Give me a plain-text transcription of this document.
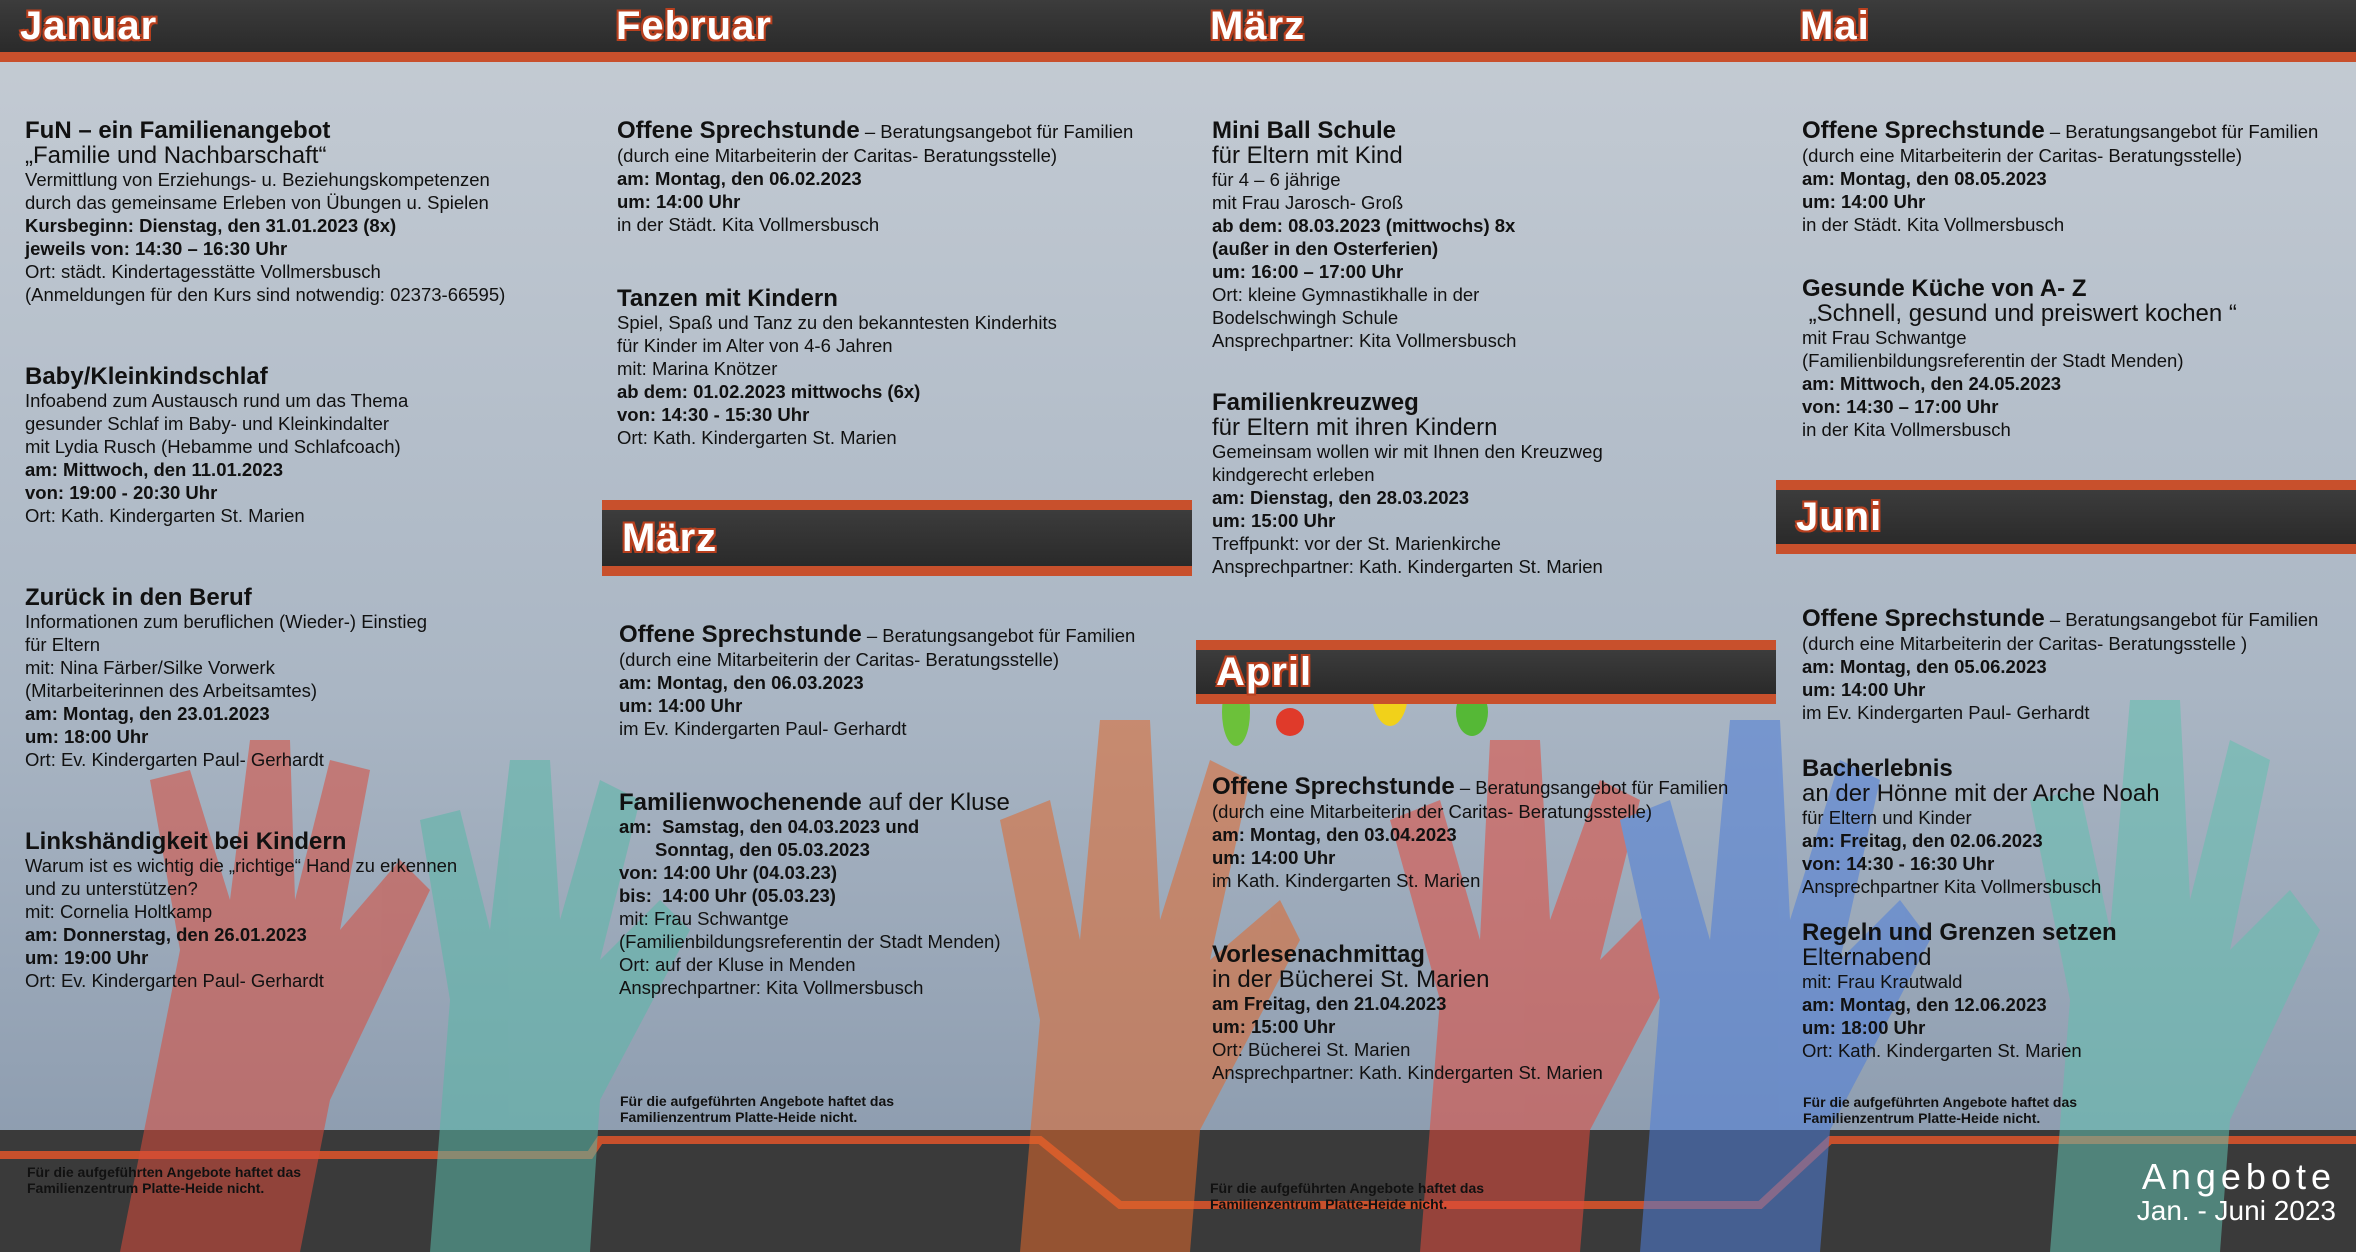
Januar	Februar	März	Mai
März
April
Juni
FuN – ein Familienangebot
„Familie und Nachbarschaft“
Vermittlung von Erziehungs- u. Beziehungskompetenzen
durch das gemeinsame Erleben von Übungen u. Spielen
Kursbeginn: Dienstag, den 31.01.2023 (8x)
jeweils von: 14:30 – 16:30 Uhr
Ort: städt. Kindertagesstätte Vollmersbusch
(Anmeldungen für den Kurs sind notwendig: 02373-66595)
Baby/Kleinkindschlaf
Infoabend zum Austausch rund um das Thema
gesunder Schlaf im Baby- und Kleinkindalter
mit Lydia Rusch (Hebamme und Schlafcoach)
am: Mittwoch, den 11.01.2023
von: 19:00 - 20:30 Uhr
Ort: Kath. Kindergarten St. Marien
Zurück in den Beruf
Informationen zum beruflichen (Wieder-) Einstieg
für Eltern
mit: Nina Färber/Silke Vorwerk
(Mitarbeiterinnen des Arbeitsamtes)
am: Montag, den 23.01.2023
um: 18:00 Uhr
Ort: Ev. Kindergarten Paul- Gerhardt
Linkshändigkeit bei Kindern
Warum ist es wichtig die „richtige“ Hand zu erkennen
und zu unterstützen?
mit: Cornelia Holtkamp
am: Donnerstag, den 26.01.2023
um: 19:00 Uhr
Ort: Ev. Kindergarten Paul- Gerhardt
Für die aufgeführten Angebote haftet das
Familienzentrum Platte-Heide nicht.
Offene Sprechstunde – Beratungsangebot für Familien
(durch eine Mitarbeiterin der Caritas- Beratungsstelle)
am: Montag, den 06.02.2023
um: 14:00 Uhr
in der Städt. Kita Vollmersbusch
Tanzen mit Kindern
Spiel, Spaß und Tanz zu den bekanntesten Kinderhits
für Kinder im Alter von 4-6 Jahren
mit: Marina Knötzer
ab dem: 01.02.2023 mittwochs (6x)
von: 14:30 - 15:30 Uhr
Ort: Kath. Kindergarten St. Marien
Offene Sprechstunde – Beratungsangebot für Familien
(durch eine Mitarbeiterin der Caritas- Beratungsstelle)
am: Montag, den 06.03.2023
um: 14:00 Uhr
im Ev. Kindergarten Paul- Gerhardt
Familienwochenende auf der Kluse
am:  Samstag, den 04.03.2023 und
Sonntag, den 05.03.2023
von: 14:00 Uhr (04.03.23)
bis:  14:00 Uhr (05.03.23)
mit: Frau Schwantge
(Familienbildungsreferentin der Stadt Menden)
Ort: auf der Kluse in Menden
Ansprechpartner: Kita Vollmersbusch
Für die aufgeführten Angebote haftet das
Familienzentrum Platte-Heide nicht.
Mini Ball Schule
für Eltern mit Kind
für 4 – 6 jährige
mit Frau Jarosch- Groß
ab dem: 08.03.2023 (mittwochs) 8x
(außer in den Osterferien)
um: 16:00 – 17:00 Uhr
Ort: kleine Gymnastikhalle in der
Bodelschwingh Schule
Ansprechpartner: Kita Vollmersbusch
Familienkreuzweg
für Eltern mit ihren Kindern
Gemeinsam wollen wir mit Ihnen den Kreuzweg
kindgerecht erleben
am: Dienstag, den 28.03.2023
um: 15:00 Uhr
Treffpunkt: vor der St. Marienkirche
Ansprechpartner: Kath. Kindergarten St. Marien
Offene Sprechstunde – Beratungsangebot für Familien
(durch eine Mitarbeiterin der Caritas- Beratungsstelle)
am: Montag, den 03.04.2023
um: 14:00 Uhr
im Kath. Kindergarten St. Marien
Vorlesenachmittag
in der Bücherei St. Marien
am Freitag, den 21.04.2023
um: 15:00 Uhr
Ort: Bücherei St. Marien
Ansprechpartner: Kath. Kindergarten St. Marien
Für die aufgeführten Angebote haftet das
Familienzentrum Platte-Heide nicht.
Offene Sprechstunde – Beratungsangebot für Familien
(durch eine Mitarbeiterin der Caritas- Beratungsstelle)
am: Montag, den 08.05.2023
um: 14:00 Uhr
in der Städt. Kita Vollmersbusch
Gesunde Küche von A- Z
„Schnell, gesund und preiswert kochen “
mit Frau Schwantge
(Familienbildungsreferentin der Stadt Menden)
am: Mittwoch, den 24.05.2023
von: 14:30 – 17:00 Uhr
in der Kita Vollmersbusch
Offene Sprechstunde – Beratungsangebot für Familien
(durch eine Mitarbeiterin der Caritas- Beratungsstelle )
am: Montag, den 05.06.2023
um: 14:00 Uhr
im Ev. Kindergarten Paul- Gerhardt
Bacherlebnis
an der Hönne mit der Arche Noah
für Eltern und Kinder
am: Freitag, den 02.06.2023
von: 14:30 - 16:30 Uhr
Ansprechpartner Kita Vollmersbusch
Regeln und Grenzen setzen
Elternabend
mit: Frau Krautwald
am: Montag, den 12.06.2023
um: 18:00 Uhr
Ort: Kath. Kindergarten St. Marien
Für die aufgeführten Angebote haftet das
Familienzentrum Platte-Heide nicht.
Angebote
Jan. - Juni 2023
